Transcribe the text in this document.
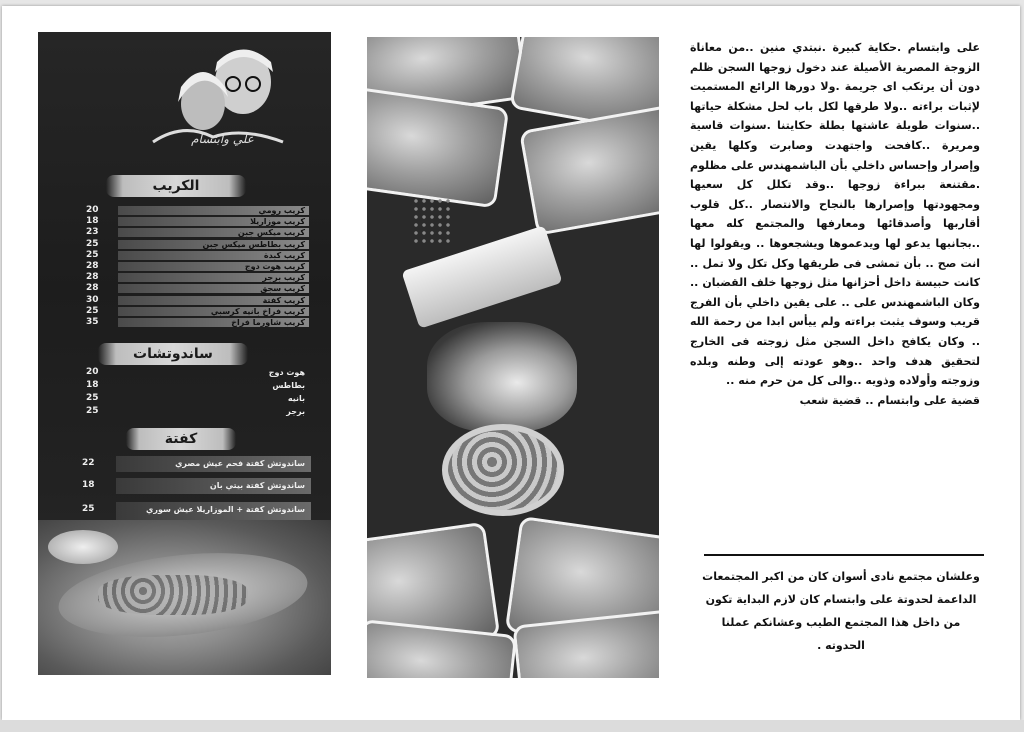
علي وابتسام
الكريب
20	كريب رومي
18	كريب موزاريلا
23	كريب ميكس جبن
25	كريب بطاطس ميكس جبن
25	كريب كبدة
28	كريب هوت دوج
28	كريب برجر
28	كريب سجق
30	كريب كفتة
25	كريب فراخ بانيه كرسبي
35	كريب شاورما فراخ
ساندوتشات
20	هوت دوج
18	بطاطس
25	بانيه
25	برجر
كفتة
22	ساندوتش كفتة فحم عيش مصري
18	ساندوتش كفتة بيتي بان
25	ساندوتش كفتة + الموزاريلا عيش سوري

على وابتسام .حكاية كبيرة .نبتدي منين ..من معاناة الزوجة المصرية الأصيلة عند دخول زوجها السجن ظلم دون أن يرتكب اى جريمة .ولا دورها الرائع المستميت لإثبات براءته ..ولا طرقها لكل باب لحل مشكلة حياتها ..سنوات طويلة عاشتها بطلة حكايتنا .سنوات قاسية ومريرة ..كافحت واجتهدت وصابرت وكلها يقين وإصرار وإحساس داخلي بأن الباشمهندس على مظلوم .مقتنعة ببراءة زوجها ..وقد تكلل كل سعيها ومجهودتها وإصرارها بالنجاح والانتصار ..كل قلوب أقاربها وأصدقائها ومعارفها والمجتمع كله معها ..بجانبها يدعو لها ويدعموها ويشجعوها .. ويقولوا لها انت صح .. بأن تمشى فى طريقها وكل تكل ولا تمل .. كانت حبيسة داخل أحزانها مثل زوجها خلف القضبان .. وكان الباشمهندس على .. على يقين داخلي بأن الفرج قريب وسوف يثبت براءته ولم ييأس ابدا من رحمة الله .. وكان يكافح داخل السجن مثل زوجته فى الخارج لتحقيق هدف واحد ..وهو عودته إلى وطنه وبلده وزوجته وأولاده وذويه ..والى كل من حرم منه ..

قضية على وابتسام .. قضية شعب

وعلشان مجتمع نادى أسوان كان من اكبر المجتمعات الداعمة لحدوتة على وابتسام كان لازم البداية تكون من داخل هذا المجتمع الطيب وعشانكم عملنا الحدوته .
